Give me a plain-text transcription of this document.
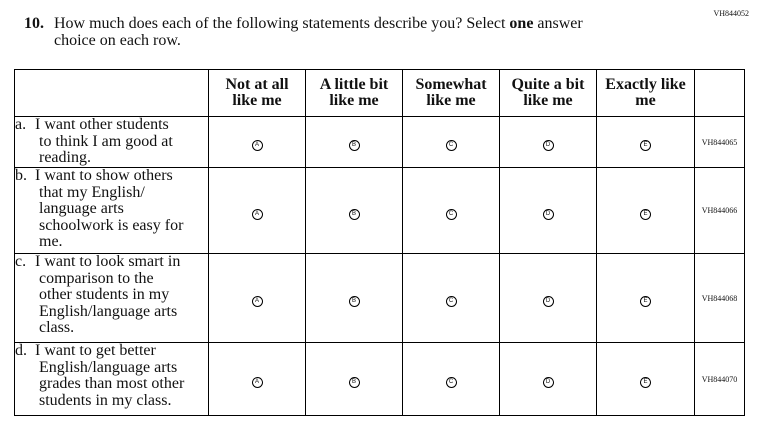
VH844052
10. How much does each of the following statements describe you? Select one answer
choice on each row.
	Not at all
like me	A little bit
like me	Somewhat
like me	Quite a bit
like me	Exactly like
me	

a. I want other students
to think I am good at
reading.	A	B	C	D	E	VH844065

b. I want to show others
that my English/
language arts
schoolwork is easy for
me.	A	B	C	D	E	VH844066

c. I want to look smart in
comparison to the
other students in my
English/language arts
class.	A	B	C	D	E	VH844068

d. I want to get better
English/language arts
grades than most other
students in my class.	A	B	C	D	E	VH844070
